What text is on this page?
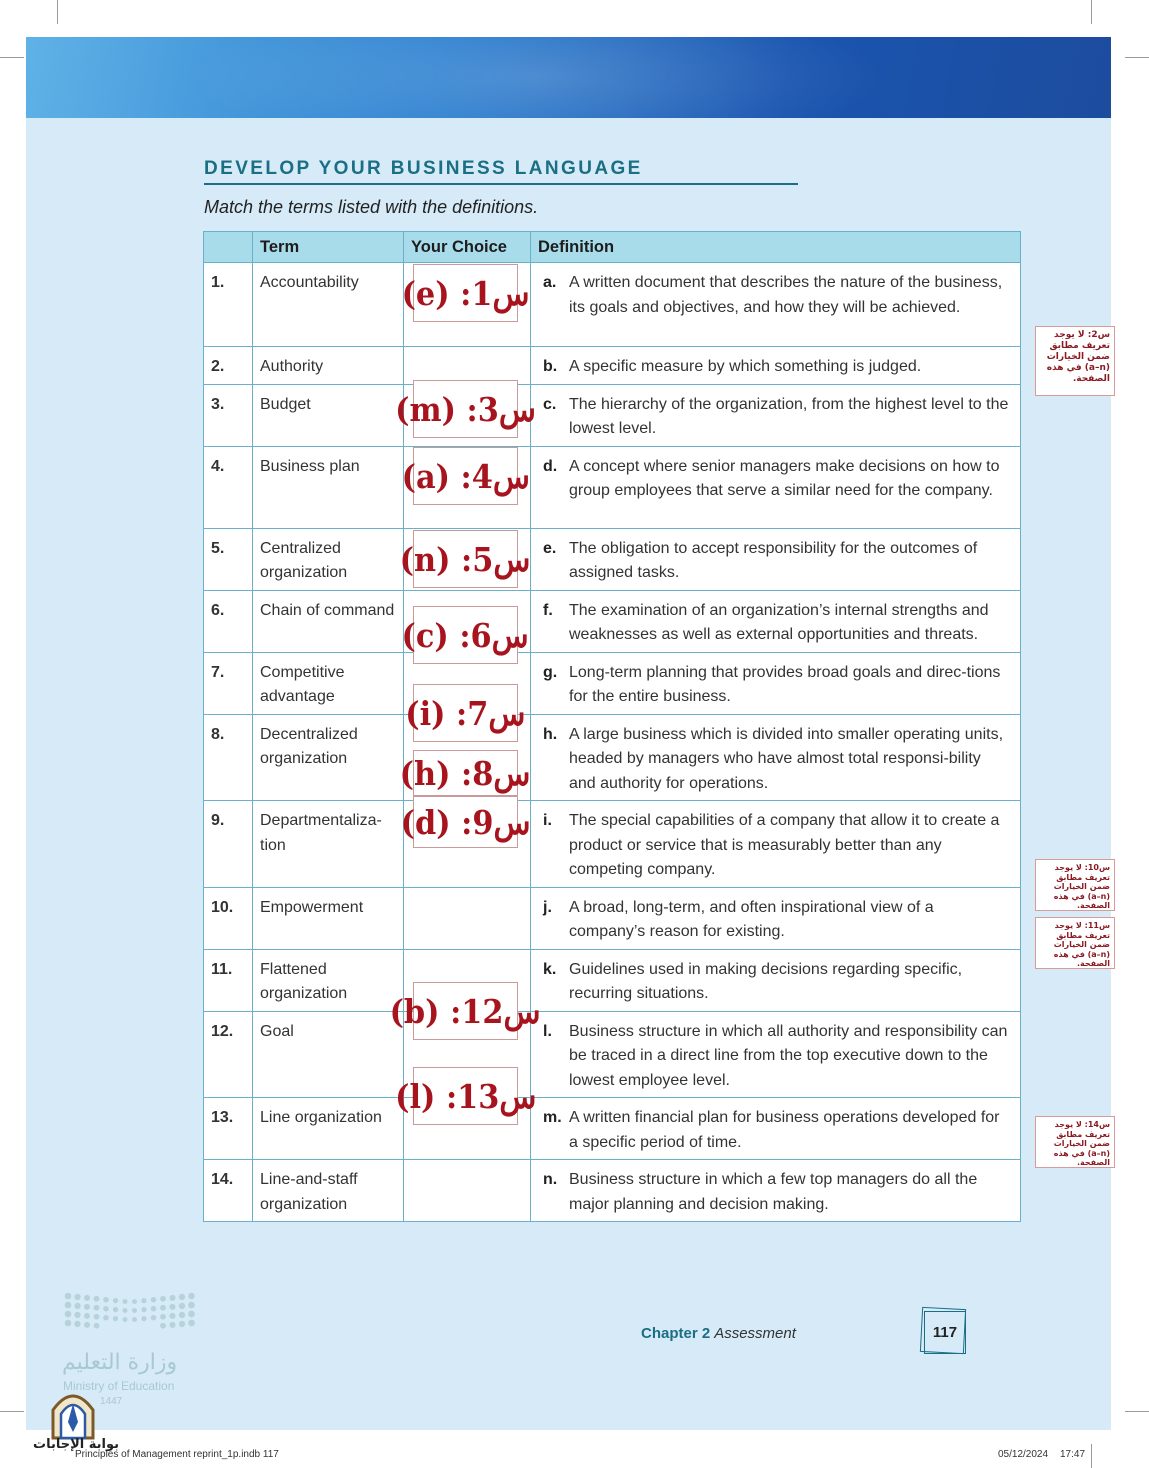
DEVELOP YOUR BUSINESS LANGUAGE
Match the terms listed with the definitions.
	Term	Your Choice	Definition
1.	Accountability		a. A written document that describes the nature of the business, its goals and objectives, and how they will be achieved.
2.	Authority		b. A specific measure by which something is judged.
3.	Budget		c. The hierarchy of the organization, from the highest level to the lowest level.
4.	Business plan		d. A concept where senior managers make decisions on how to group employees that serve a similar need for the company.
5.	Centralized organization		e. The obligation to accept responsibility for the outcomes of assigned tasks.
6.	Chain of command		f. The examination of an organization’s internal strengths and weaknesses as well as external opportunities and threats.
7.	Competitive advantage		g. Long-term planning that provides broad goals and direc-tions for the entire business.
8.	Decentralized organization		h. A large business which is divided into smaller operating units, headed by managers who have almost total responsi-bility and authority for operations.
9.	Departmentaliza-tion		i. The special capabilities of a company that allow it to create a product or service that is measurably better than any competing company.
10.	Empowerment		j. A broad, long-term, and often inspirational view of a company’s reason for existing.
11.	Flattened organization		k. Guidelines used in making decisions regarding specific, recurring situations.
12.	Goal		l. Business structure in which all authority and responsibility can be traced in a direct line from the top executive down to the lowest employee level.
13.	Line organization		m. A written financial plan for business operations developed for a specific period of time.
14.	Line-and-staff organization		n. Business structure in which a few top managers do all the major planning and decision making.
(e) :1س
(m) :3س
(a) :4س
(n) :5س
(c) :6س
(i) :7س
(h) :8س
(d) :9س
(b) :12س
(l) :13س
س2: لا يوجد تعريف مطابق ضمن الخيارات (a–n) في هذه الصفحة.
س10: لا يوجد تعريف مطابق ضمن الخيارات (a–n) في هذه الصفحة.
س11: لا يوجد تعريف مطابق ضمن الخيارات (a–n) في هذه الصفحة.
س14: لا يوجد تعريف مطابق ضمن الخيارات (a–n) في هذه الصفحة.
وزارة التعليم
Ministry of Education
1447
Chapter 2 Assessment	117
Principles of Management reprint_1p.indb 117	05/12/2024 17:47
بوابة الإجابات
